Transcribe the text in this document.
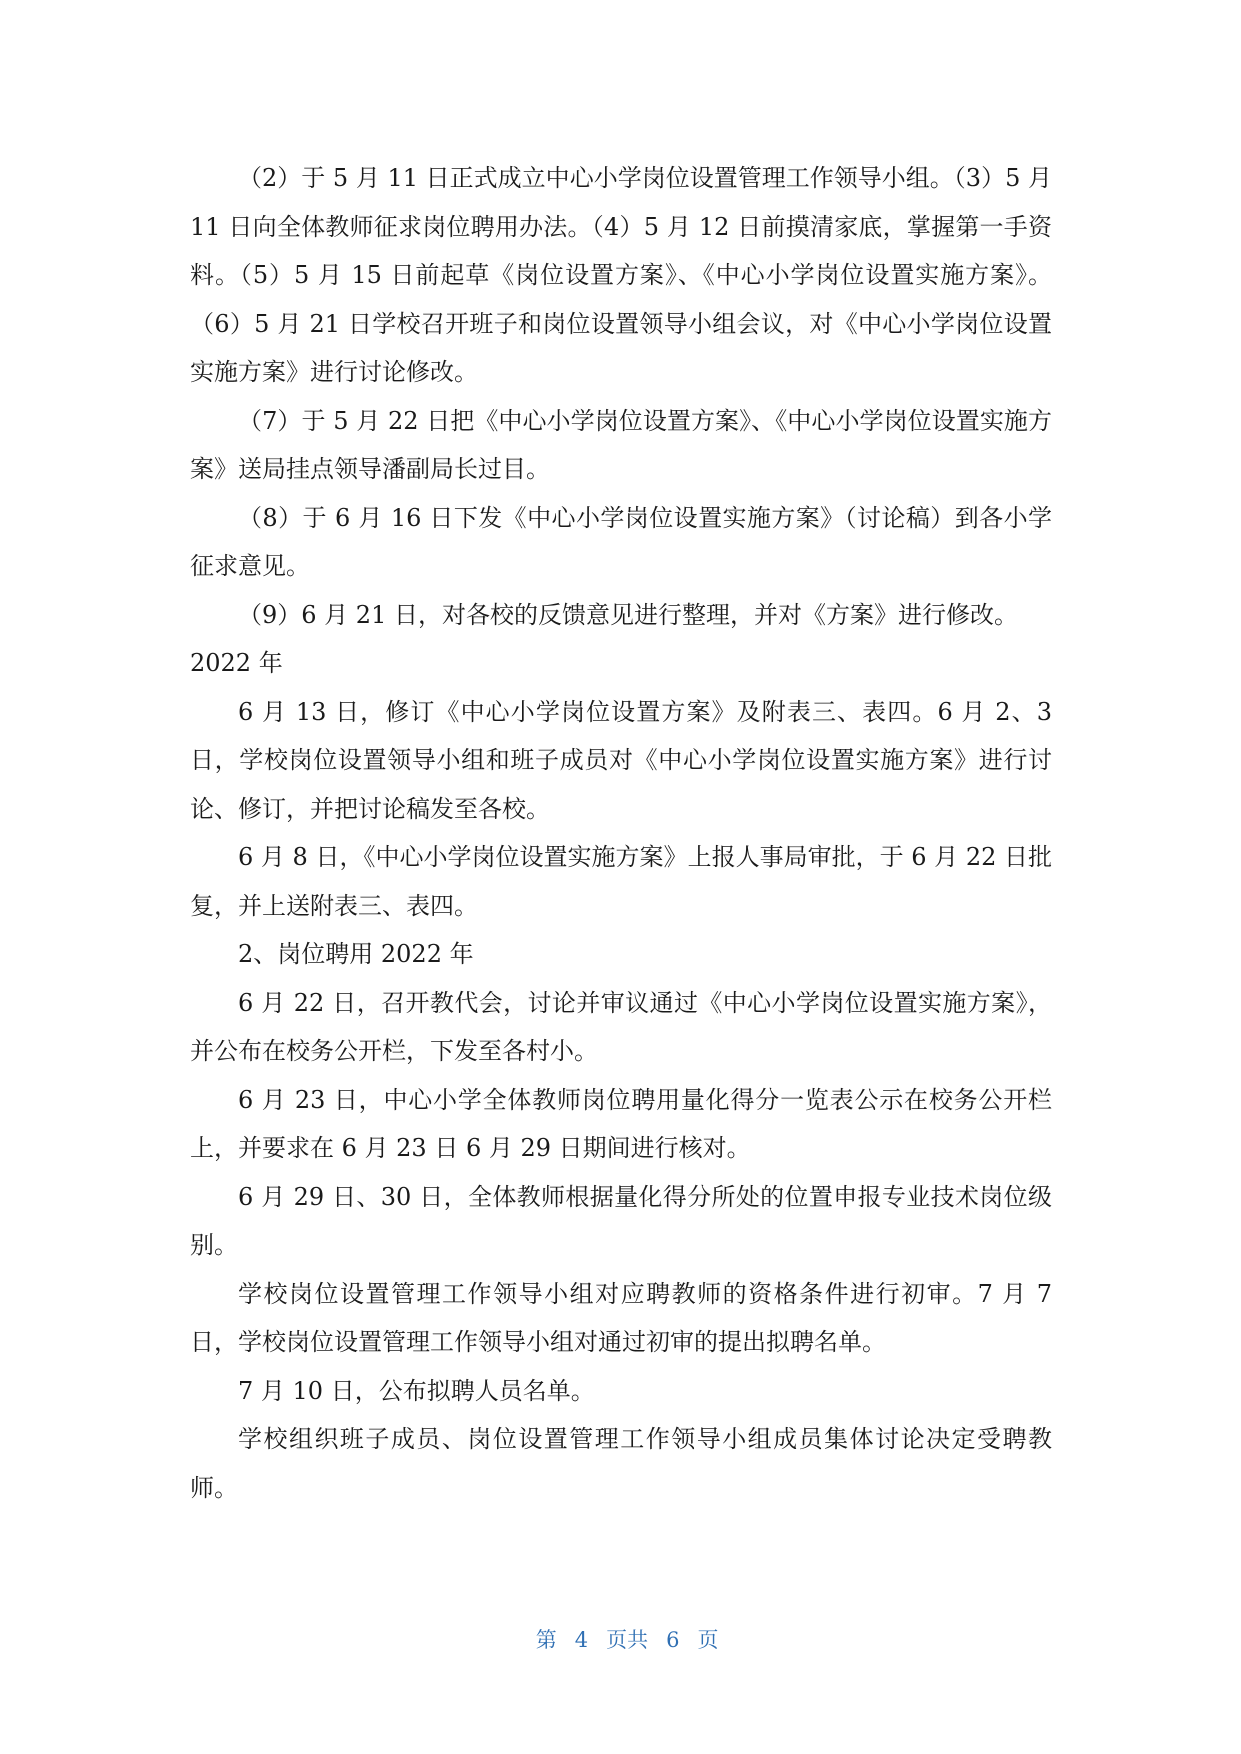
（2）于 5 月 11 日正式成立中心小学岗位设置管理工作领导小组。（3）5 月 11 日向全体教师征求岗位聘用办法。（4）5 月 12 日前摸清家底，掌握第一手资料。（5）5 月 15 日前起草《岗位设置方案》、《中心小学岗位设置实施方案》。（6）5 月 21 日学校召开班子和岗位设置领导小组会议，对《中心小学岗位设置实施方案》进行讨论修改。

（7）于 5 月 22 日把《中心小学岗位设置方案》、《中心小学岗位设置实施方案》送局挂点领导潘副局长过目。

（8）于 6 月 16 日下发《中心小学岗位设置实施方案》（讨论稿）到各小学征求意见。

（9）6 月 21 日，对各校的反馈意见进行整理，并对《方案》进行修改。

2022 年

6 月 13 日，修订《中心小学岗位设置方案》及附表三、表四。6 月 2、3 日，学校岗位设置领导小组和班子成员对《中心小学岗位设置实施方案》进行讨论、修订，并把讨论稿发至各校。

6 月 8 日，《中心小学岗位设置实施方案》上报人事局审批，于 6 月 22 日批复，并上送附表三、表四。

2、岗位聘用 2022 年

6 月 22 日，召开教代会，讨论并审议通过《中心小学岗位设置实施方案》，并公布在校务公开栏，下发至各村小。

6 月 23 日，中心小学全体教师岗位聘用量化得分一览表公示在校务公开栏上，并要求在 6 月 23 日 6 月 29 日期间进行核对。

6 月 29 日、30 日，全体教师根据量化得分所处的位置申报专业技术岗位级别。

学校岗位设置管理工作领导小组对应聘教师的资格条件进行初审。7 月 7 日，学校岗位设置管理工作领导小组对通过初审的提出拟聘名单。

7 月 10 日，公布拟聘人员名单。

学校组织班子成员、岗位设置管理工作领导小组成员集体讨论决定受聘教师。

第 4 页共 6 页
